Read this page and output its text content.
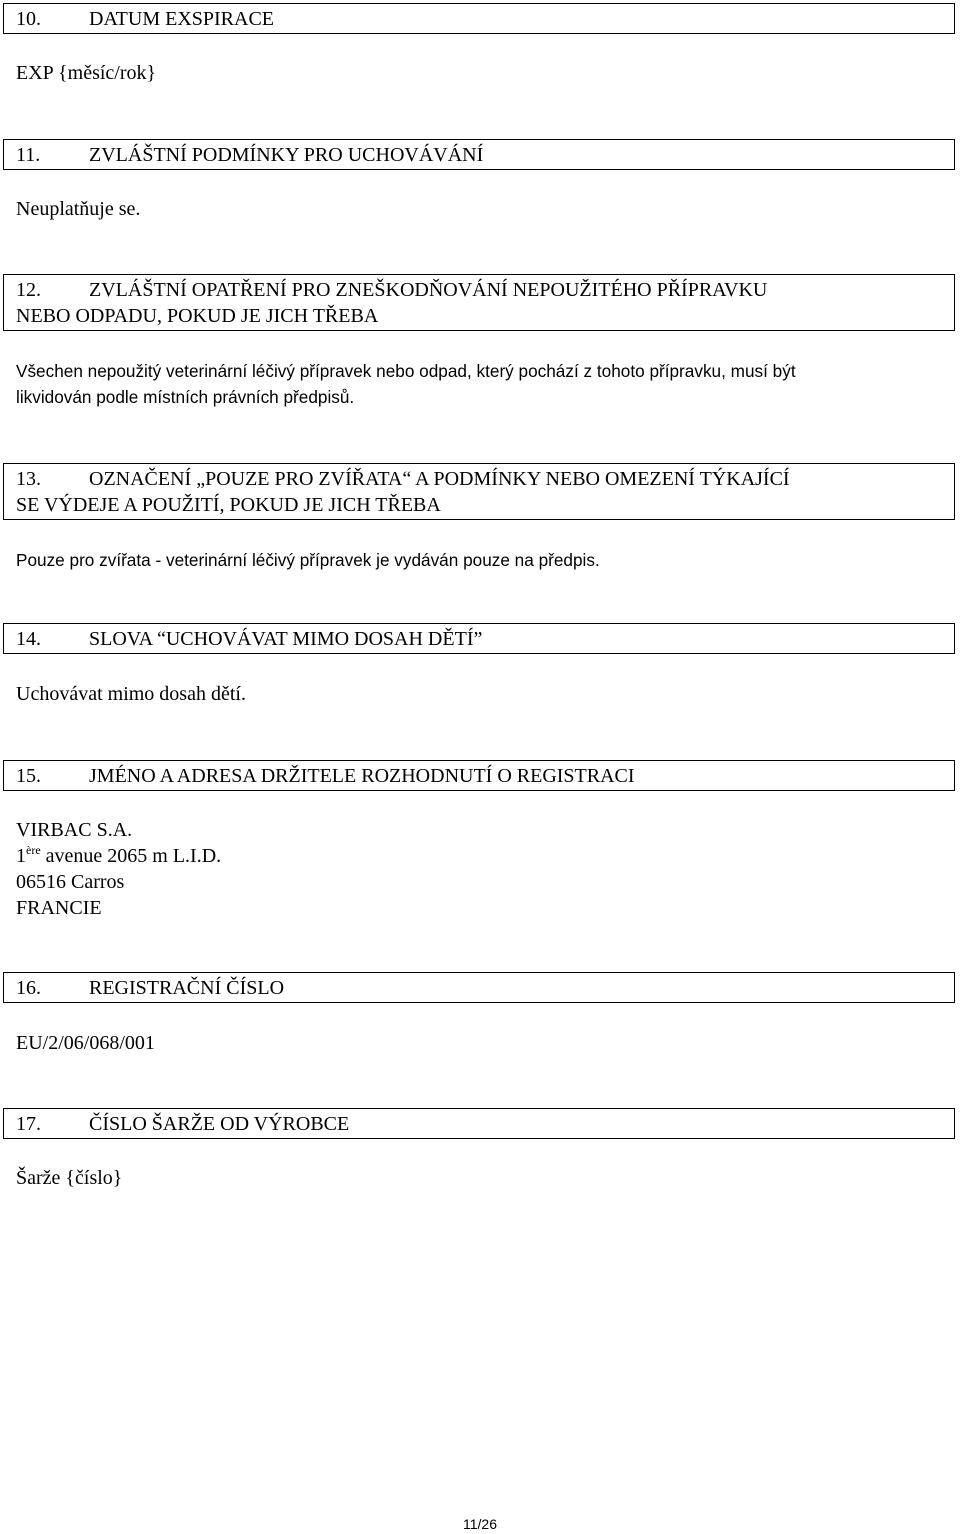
10. DATUM EXSPIRACE
EXP {měsíc/rok}
11. ZVLÁŠTNÍ PODMÍNKY PRO UCHOVÁVÁNÍ
Neuplatňuje se.
12. ZVLÁŠTNÍ OPATŘENÍ PRO ZNEŠKODŇOVÁNÍ NEPOUŽITÉHO PŘÍPRAVKU
NEBO ODPADU, POKUD JE JICH TŘEBA
Všechen nepoužitý veterinární léčivý přípravek nebo odpad, který pochází z tohoto přípravku, musí být
likvidován podle místních právních předpisů.
13. OZNAČENÍ „POUZE PRO ZVÍŘATA“ A PODMÍNKY NEBO OMEZENÍ TÝKAJÍCÍ
SE VÝDEJE A POUŽITÍ, POKUD JE JICH TŘEBA
Pouze pro zvířata - veterinární léčivý přípravek je vydáván pouze na předpis.
14. SLOVA “UCHOVÁVAT MIMO DOSAH DĚTÍ”
Uchovávat mimo dosah dětí.
15. JMÉNO A ADRESA DRŽITELE ROZHODNUTÍ O REGISTRACI
VIRBAC S.A.
1ère avenue 2065 m L.I.D.
06516 Carros
FRANCIE
16. REGISTRAČNÍ ČÍSLO
EU/2/06/068/001
17. ČÍSLO ŠARŽE OD VÝROBCE
Šarže {číslo}
11/26
